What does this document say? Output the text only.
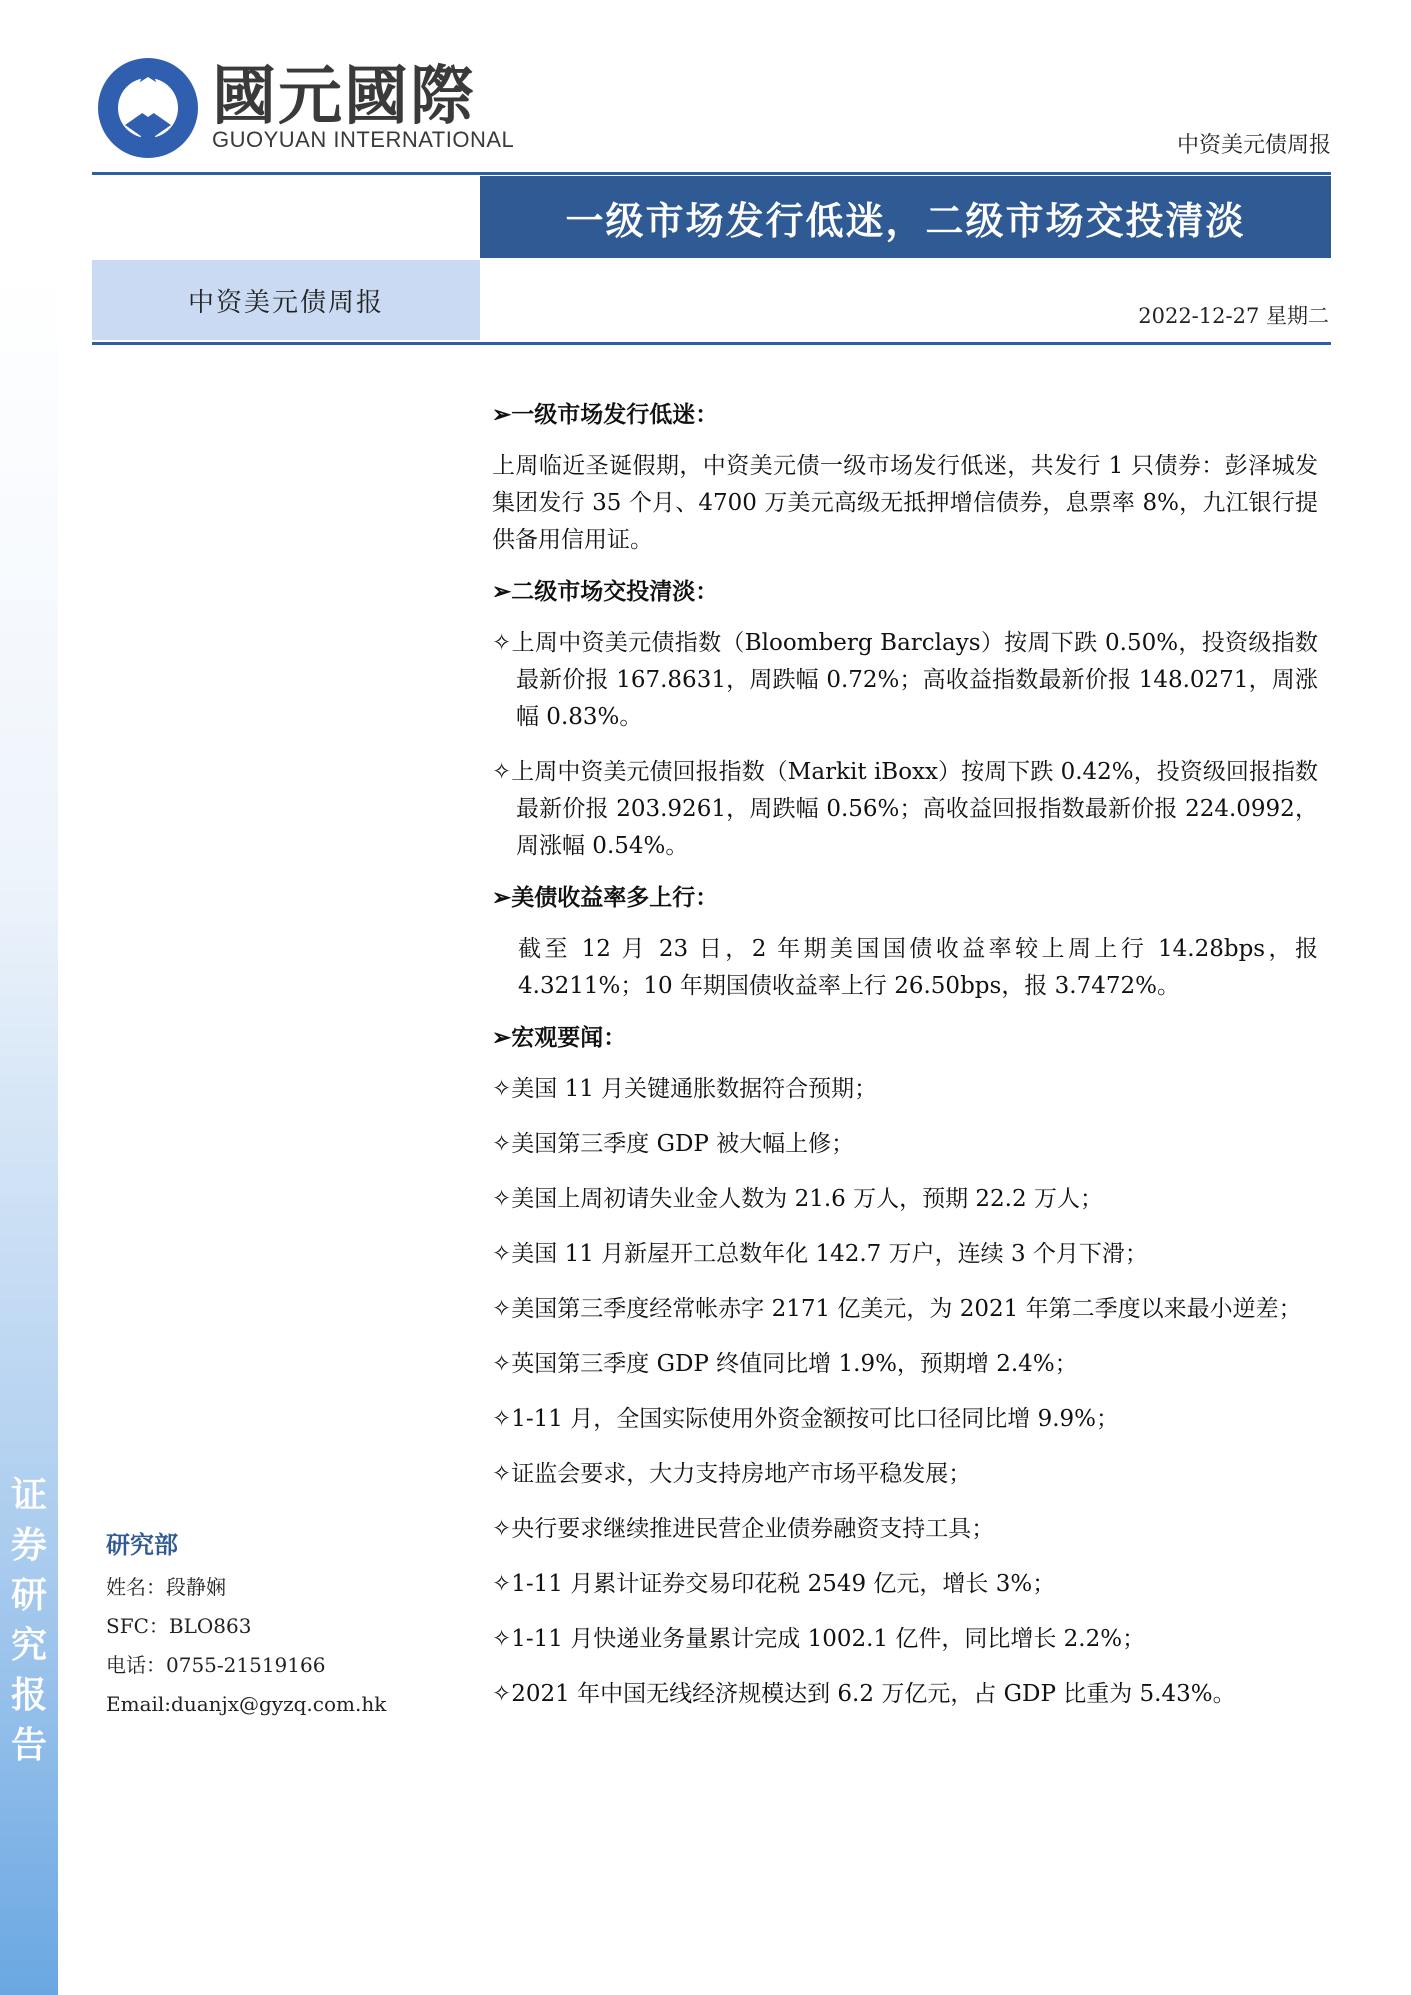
证
券
研
究
报
告
國元國際
GUOYUAN INTERNATIONAL	中资美元债周报
一级市场发行低迷，二级市场交投清淡
中资美元债周报	2022-12-27 星期二
➢一级市场发行低迷：
上周临近圣诞假期，中资美元债一级市场发行低迷，共发行 1 只债券：彭泽城发集团发行 35 个月、4700 万美元高级无抵押增信债券，息票率 8%，九江银行提供备用信用证。
➢二级市场交投清淡：
✧上周中资美元债指数（Bloomberg Barclays）按周下跌 0.50%，投资级指数最新价报 167.8631，周跌幅 0.72%；高收益指数最新价报 148.0271，周涨幅 0.83%。
✧上周中资美元债回报指数（Markit iBoxx）按周下跌 0.42%，投资级回报指数最新价报 203.9261，周跌幅 0.56%；高收益回报指数最新价报 224.0992，周涨幅 0.54%。
➢美债收益率多上行：
截至 12 月 23 日，2 年期美国国债收益率较上周上行 14.28bps，报 4.3211%；10 年期国债收益率上行 26.50bps，报 3.7472%。
➢宏观要闻：
✧美国 11 月关键通胀数据符合预期；
✧美国第三季度 GDP 被大幅上修；
✧美国上周初请失业金人数为 21.6 万人，预期 22.2 万人；
✧美国 11 月新屋开工总数年化 142.7 万户，连续 3 个月下滑；
✧美国第三季度经常帐赤字 2171 亿美元，为 2021 年第二季度以来最小逆差；
✧英国第三季度 GDP 终值同比增 1.9%，预期增 2.4%；
✧1-11 月，全国实际使用外资金额按可比口径同比增 9.9%；
✧证监会要求，大力支持房地产市场平稳发展；
✧央行要求继续推进民营企业债券融资支持工具；
✧1-11 月累计证券交易印花税 2549 亿元，增长 3%；
✧1-11 月快递业务量累计完成 1002.1 亿件，同比增长 2.2%；
✧2021 年中国无线经济规模达到 6.2 万亿元，占 GDP 比重为 5.43%。
研究部
姓名：段静娴
SFC：BLO863
电话：0755-21519166
Email:duanjx@gyzq.com.hk
